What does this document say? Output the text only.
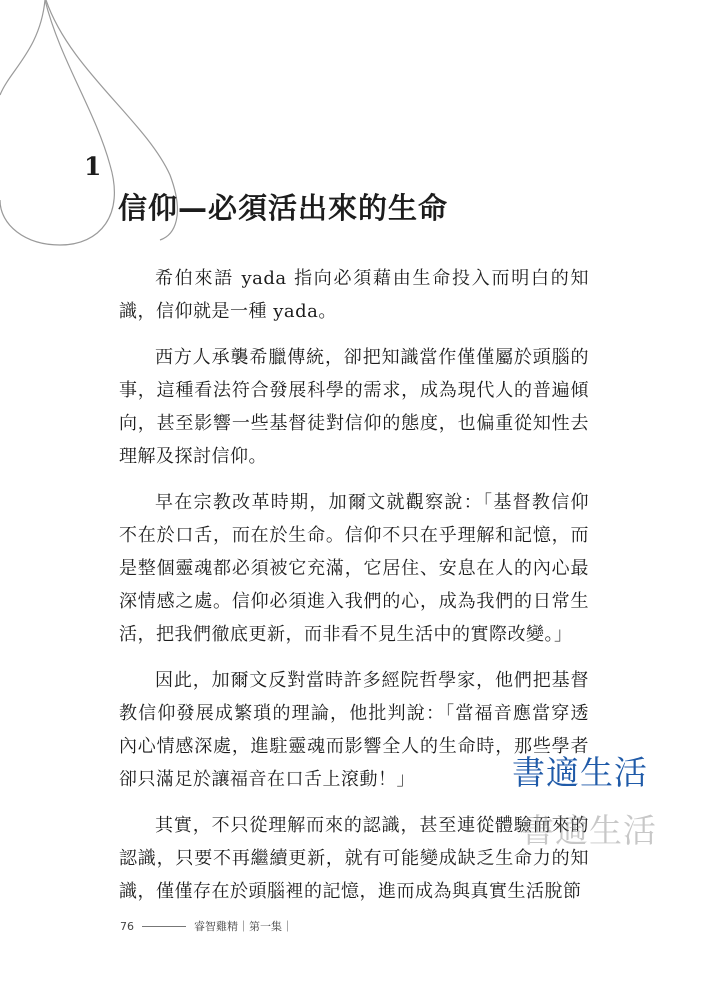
1
信仰—必須活出來的生命

希伯來語 yada 指向必須藉由生命投入而明白的知識，信仰就是一種 yada。

西方人承襲希臘傳統，卻把知識當作僅僅屬於頭腦的事，這種看法符合發展科學的需求，成為現代人的普遍傾向，甚至影響一些基督徒對信仰的態度，也偏重從知性去理解及探討信仰。

早在宗教改革時期，加爾文就觀察說：「基督教信仰不在於口舌，而在於生命。信仰不只在乎理解和記憶，而是整個靈魂都必須被它充滿，它居住、安息在人的內心最深情感之處。信仰必須進入我們的心，成為我們的日常生活，把我們徹底更新，而非看不見生活中的實際改變。」

因此，加爾文反對當時許多經院哲學家，他們把基督教信仰發展成繁瑣的理論，他批判說：「當福音應當穿透內心情感深處，進駐靈魂而影響全人的生命時，那些學者卻只滿足於讓福音在口舌上滾動！」

其實，不只從理解而來的認識，甚至連從體驗而來的認識，只要不再繼續更新，就有可能變成缺乏生命力的知識，僅僅存在於頭腦裡的記憶，進而成為與真實生活脫節

書適生活
書適生活
76	睿智雞精｜第一集｜
